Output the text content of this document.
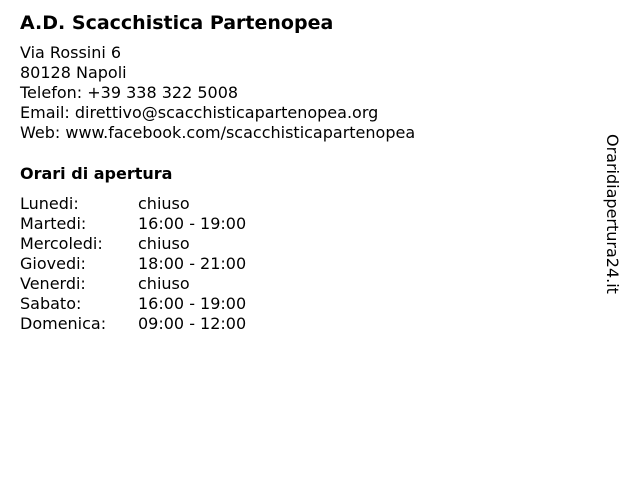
A.D. Scacchistica Partenopea
Via Rossini 6
80128 Napoli
Telefon: +39 338 322 5008
Email: direttivo@scacchisticapartenopea.org
Web: www.facebook.com/scacchisticapartenopea
Orari di apertura
Lunedi:	chiuso
Martedi:	16:00 - 19:00
Mercoledi: chiuso
Giovedi:	18:00 - 21:00
Venerdi:	chiuso
Sabato:	16:00 - 19:00
Domenica: 09:00 - 12:00
Oraridiapertura24.it
